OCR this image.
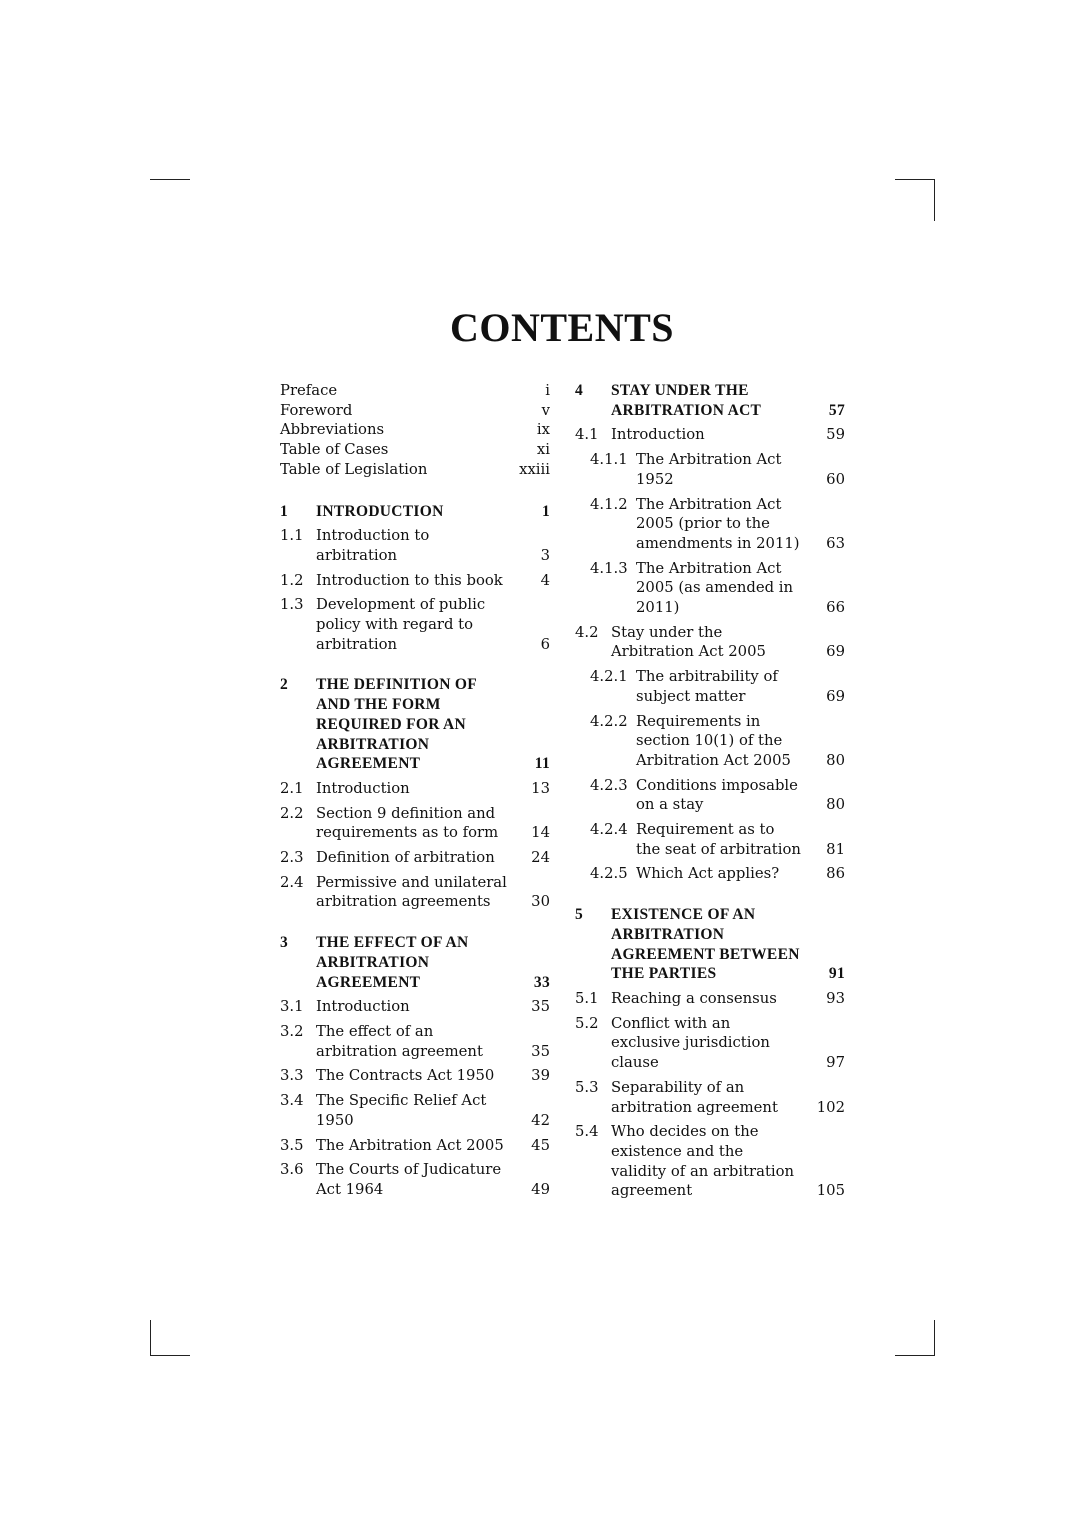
CONTENTS
Preface	i
Foreword	v
Abbreviations	ix
Table of Cases	xi
Table of Legislation	xxiii
1	INTRODUCTION	1
1.1 Introduction to arbitration	3
1.2 Introduction to this book	4
1.3 Development of public policy with regard to arbitration	6
2	THE DEFINITION OF AND THE FORM REQUIRED FOR AN ARBITRATION AGREEMENT	11
2.1 Introduction	13
2.2 Section 9 definition and requirements as to form	14
2.3 Definition of arbitration	24
2.4 Permissive and unilateral arbitration agreements	30
3	THE EFFECT OF AN ARBITRATION AGREEMENT	33
3.1 Introduction	35
3.2 The effect of an arbitration agreement	35
3.3 The Contracts Act 1950	39
3.4 The Specific Relief Act 1950	42
3.5 The Arbitration Act 2005	45
3.6 The Courts of Judicature Act 1964	49
4	STAY UNDER THE ARBITRATION ACT	57
4.1 Introduction	59
4.1.1 The Arbitration Act 1952	60
4.1.2 The Arbitration Act 2005 (prior to the amendments in 2011)	63
4.1.3 The Arbitration Act 2005 (as amended in 2011)	66
4.2 Stay under the Arbitration Act 2005	69
4.2.1 The arbitrability of subject matter	69
4.2.2 Requirements in section 10(1) of the Arbitration Act 2005	80
4.2.3 Conditions imposable on a stay	80
4.2.4 Requirement as to the seat of arbitration	81
4.2.5 Which Act applies?	86
5	EXISTENCE OF AN ARBITRATION AGREEMENT BETWEEN THE PARTIES	91
5.1 Reaching a consensus	93
5.2 Conflict with an exclusive jurisdiction clause	97
5.3 Separability of an arbitration agreement	102
5.4 Who decides on the existence and the validity of an arbitration agreement	105
